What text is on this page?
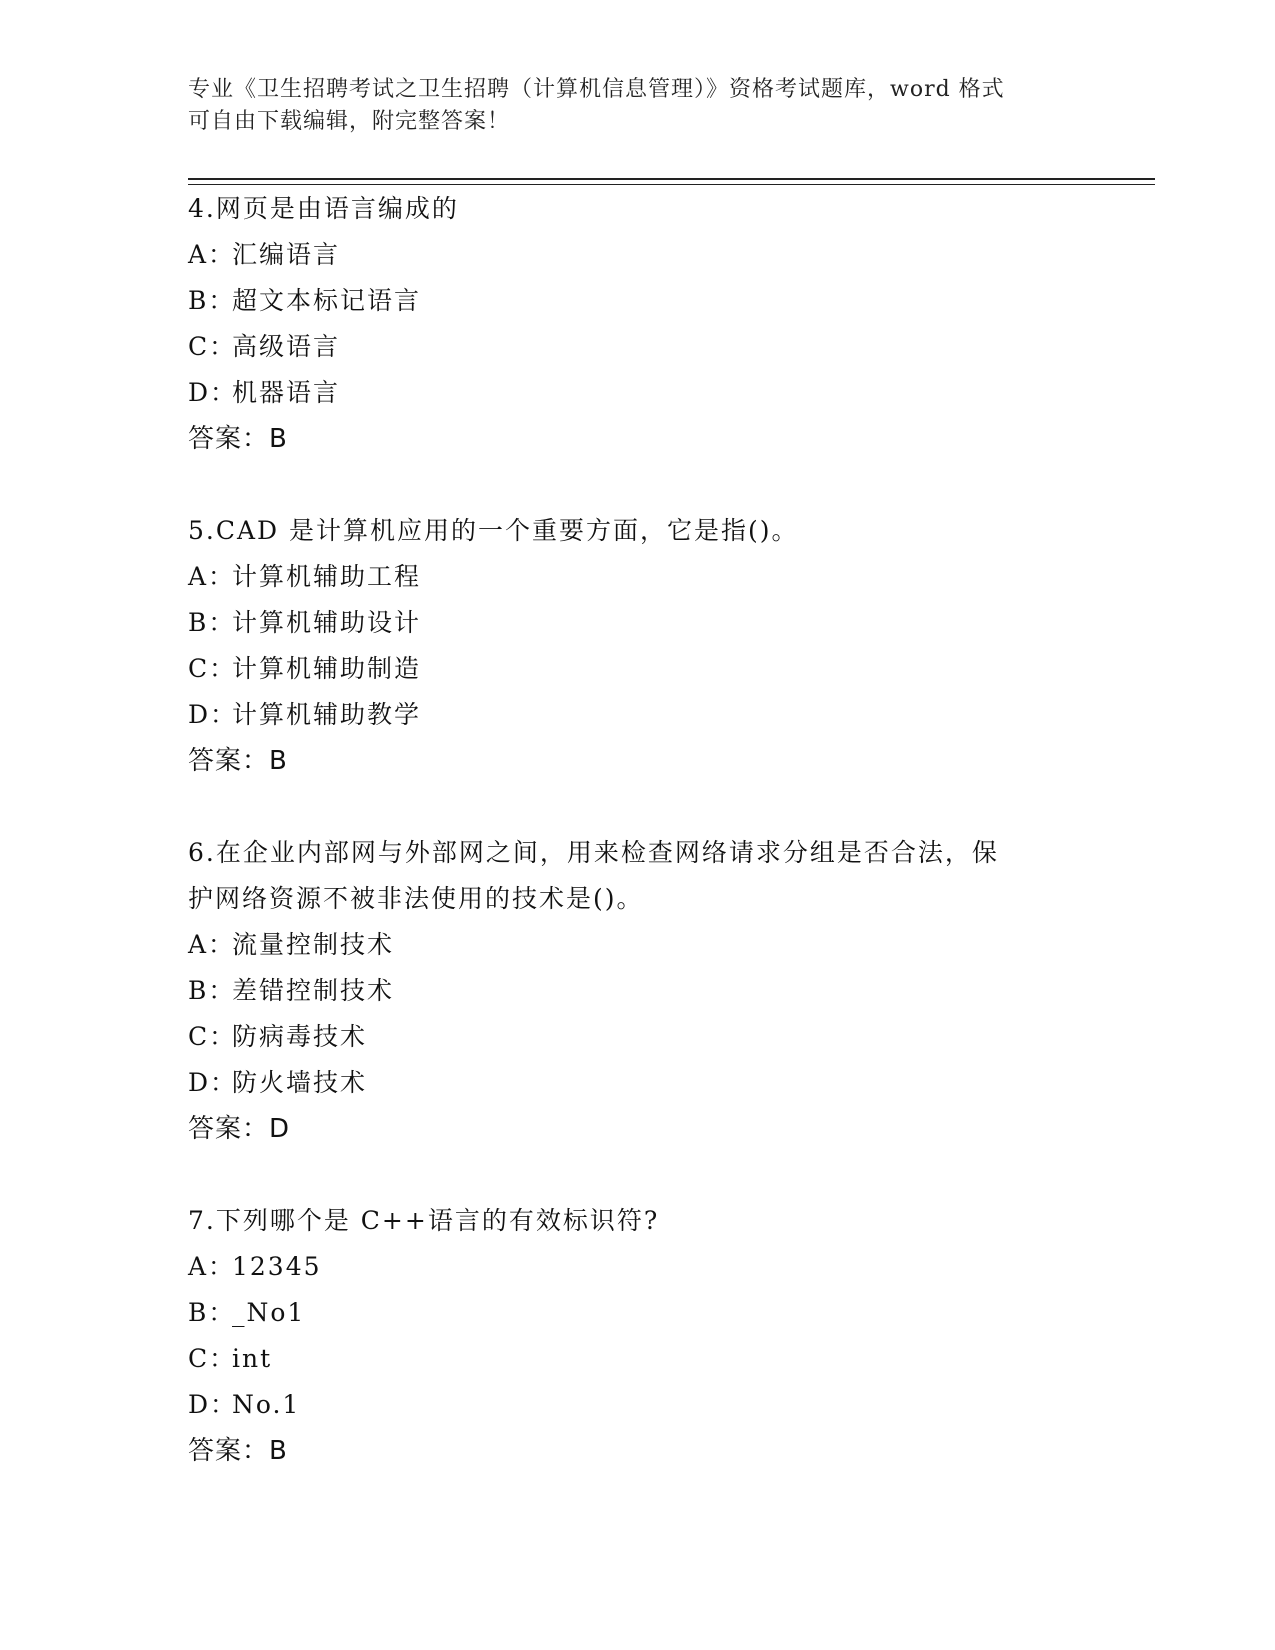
专业《卫生招聘考试之卫生招聘（计算机信息管理）》资格考试题库，word 格式
可自由下载编辑，附完整答案！
4.网页是由语言编成的
A：汇编语言
B：超文本标记语言
C：高级语言
D：机器语言
答案：B
5.CAD 是计算机应用的一个重要方面，它是指()。
A：计算机辅助工程
B：计算机辅助设计
C：计算机辅助制造
D：计算机辅助教学
答案：B
6.在企业内部网与外部网之间，用来检查网络请求分组是否合法，保
护网络资源不被非法使用的技术是()。
A：流量控制技术
B：差错控制技术
C：防病毒技术
D：防火墙技术
答案：D
7.下列哪个是 C++语言的有效标识符?
A：12345
B：_No1
C：int
D：No.1
答案：B
